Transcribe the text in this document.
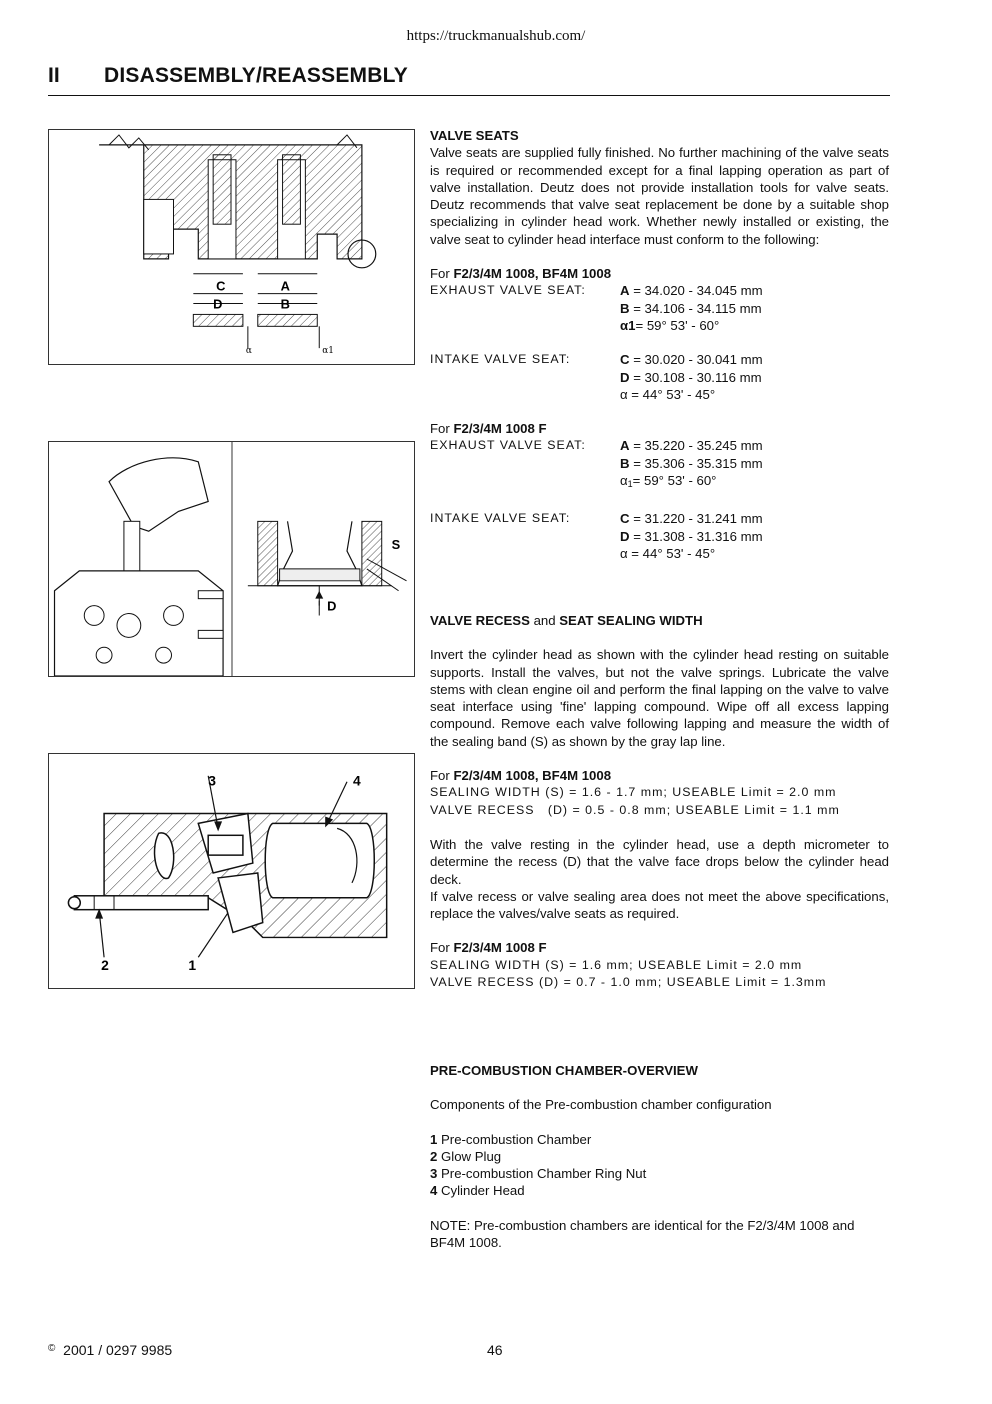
https://truckmanualshub.com/
II DISASSEMBLY/REASSEMBLY
C	A
D	B
α	α1
S
D
3	4
2	1
VALVE SEATS

Valve seats are supplied fully finished. No further machining of the valve seats is required or recommended except for a final lapping operation as part of valve installation. Deutz does not provide installation tools for valve seats. Deutz recommends that valve seat replacement be done by a suitable shop specializing in cylinder head work. Whether newly installed or existing, the valve seat to cylinder head interface must conform to the following:

For F2/3/4M 1008, BF4M 1008
EXHAUST VALVE SEAT:	A = 34.020 - 34.045 mm
B = 34.106 - 34.115 mm
α1= 59° 53' - 60°
INTAKE VALVE SEAT:	C = 30.020 - 30.041 mm
D = 30.108 - 30.116 mm
α = 44° 53' - 45°
For F2/3/4M 1008 F
EXHAUST VALVE SEAT:	A = 35.220 - 35.245 mm
B = 35.306 - 35.315 mm
$\alpha_1= 59^\circ$ 53' - 60°
INTAKE VALVE SEAT:	C = 31.220 - 31.241 mm
D = 31.308 - 31.316 mm
α = 44° 53' - 45°
VALVE RECESS and SEAT SEALING WIDTH

Invert the cylinder head as shown with the cylinder head resting on suitable supports. Install the valves, but not the valve springs. Lubricate the valve stems with clean engine oil and perform the final lapping on the valve to valve seat interface using 'fine' lapping compound. Wipe off all excess lapping compound. Remove each valve following lapping and measure the width of the sealing band (S) as shown by the gray lap line.

For F2/3/4M 1008, BF4M 1008
SEALING WIDTH (S) = 1.6 - 1.7 mm; USEABLE Limit = 2.0 mm
VALVE RECESS   (D) = 0.5 - 0.8 mm; USEABLE Limit = 1.1 mm

With the valve resting in the cylinder head, use a depth micrometer to determine the recess (D) that the valve face drops below the cylinder head deck.

If valve recess or valve sealing area does not meet the above specifications, replace the valves/valve seats as required.

For F2/3/4M 1008 F
SEALING WIDTH (S) = 1.6 mm; USEABLE Limit = 2.0 mm
VALVE RECESS (D) = 0.7 - 1.0 mm; USEABLE Limit = 1.3mm
PRE-COMBUSTION CHAMBER-OVERVIEW
Components of the Pre-combustion chamber configuration
1 Pre-combustion Chamber
2 Glow Plug
3 Pre-combustion Chamber Ring Nut
4 Cylinder Head

NOTE: Pre-combustion chambers are identical for the F2/3/4M 1008 and BF4M 1008.

© 2001 / 0297 9985	46
